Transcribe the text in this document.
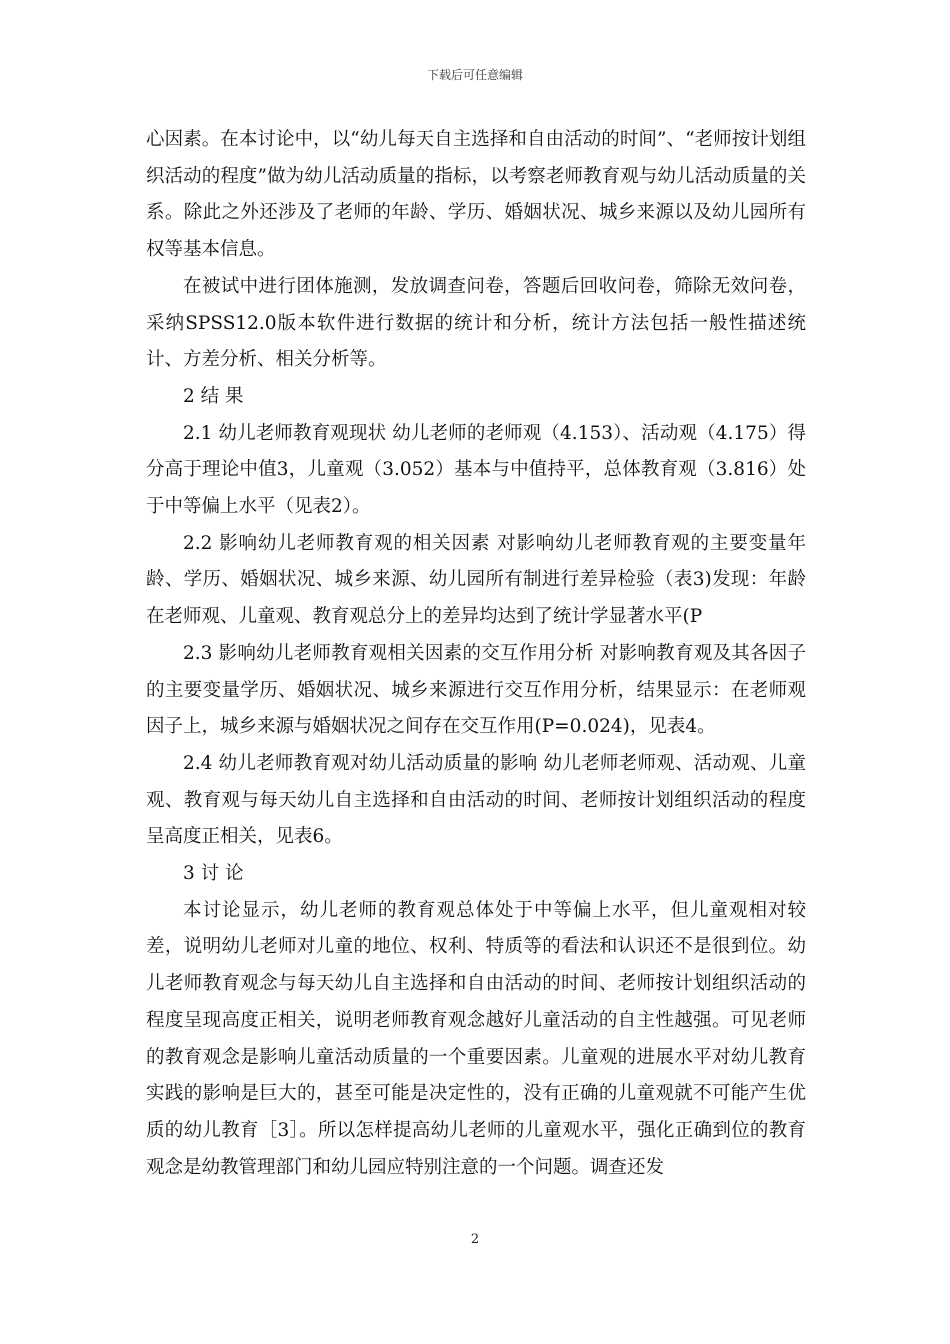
下载后可任意编辑

心因素。在本讨论中，以“幼儿每天自主选择和自由活动的时间”、“老师按计划组织活动的程度”做为幼儿活动质量的指标，以考察老师教育观与幼儿活动质量的关系。除此之外还涉及了老师的年龄、学历、婚姻状况、城乡来源以及幼儿园所有权等基本信息。

在被试中进行团体施测，发放调查问卷，答题后回收问卷，筛除无效问卷，采纳SPSS12.0版本软件进行数据的统计和分析，统计方法包括一般性描述统计、方差分析、相关分析等。

2 结 果

2.1 幼儿老师教育观现状 幼儿老师的老师观（4.153）、活动观（4.175）得分高于理论中值3，儿童观（3.052）基本与中值持平，总体教育观（3.816）处于中等偏上水平（见表2）。

2.2 影响幼儿老师教育观的相关因素 对影响幼儿老师教育观的主要变量年龄、学历、婚姻状况、城乡来源、幼儿园所有制进行差异检验（表3)发现：年龄在老师观、儿童观、教育观总分上的差异均达到了统计学显著水平(P

2.3 影响幼儿老师教育观相关因素的交互作用分析 对影响教育观及其各因子的主要变量学历、婚姻状况、城乡来源进行交互作用分析，结果显示：在老师观因子上，城乡来源与婚姻状况之间存在交互作用(P=0.024)，见表4。

2.4 幼儿老师教育观对幼儿活动质量的影响 幼儿老师老师观、活动观、儿童观、教育观与每天幼儿自主选择和自由活动的时间、老师按计划组织活动的程度呈高度正相关，见表6。

3 讨 论

本讨论显示，幼儿老师的教育观总体处于中等偏上水平，但儿童观相对较差，说明幼儿老师对儿童的地位、权利、特质等的看法和认识还不是很到位。幼儿老师教育观念与每天幼儿自主选择和自由活动的时间、老师按计划组织活动的程度呈现高度正相关，说明老师教育观念越好儿童活动的自主性越强。可见老师的教育观念是影响儿童活动质量的一个重要因素。儿童观的进展水平对幼儿教育实践的影响是巨大的，甚至可能是决定性的，没有正确的儿童观就不可能产生优质的幼儿教育［3］。所以怎样提高幼儿老师的儿童观水平，强化正确到位的教育观念是幼教管理部门和幼儿园应特别注意的一个问题。调查还发

2
